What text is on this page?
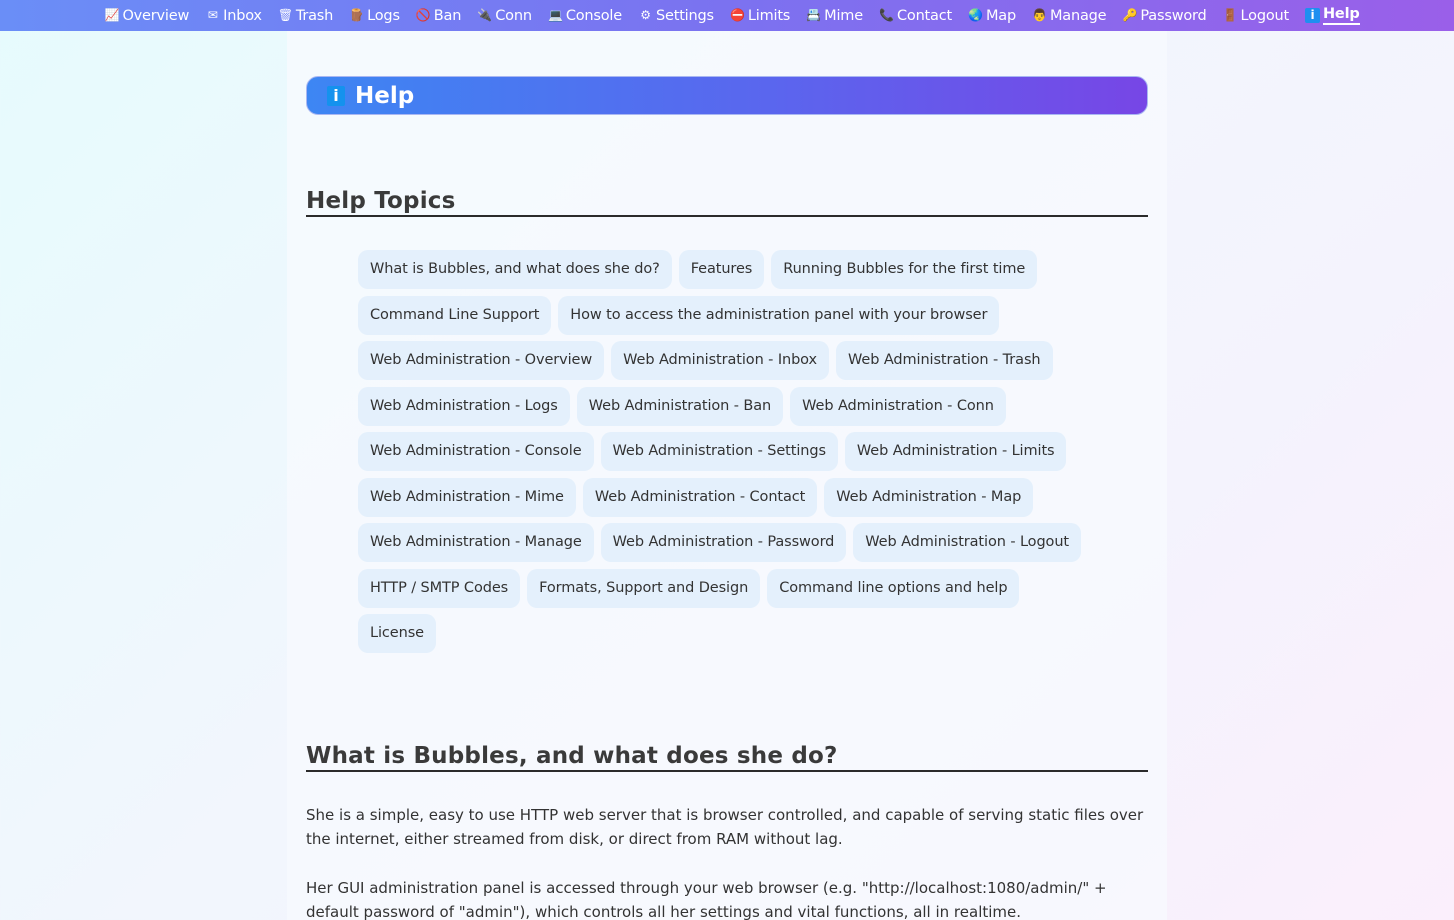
📈 Overview ✉ Inbox 🗑 Trash 🪵 Logs 🚫 Ban 🔌 Conn 💻 Console ⚙ Settings ⛔ Limits 📇 Mime 📞 Contact 🌏 Map 👨 Manage 🔑 Password 🚪 Logout	i Help
i Help
Help Topics
What is Bubbles, and what does she do?	Features	Running Bubbles for the first time
Command Line Support	How to access the administration panel with your browser
Web Administration - Overview	Web Administration - Inbox	Web Administration - Trash
Web Administration - Logs	Web Administration - Ban	Web Administration - Conn
Web Administration - Console	Web Administration - Settings	Web Administration - Limits
Web Administration - Mime	Web Administration - Contact	Web Administration - Map
Web Administration - Manage	Web Administration - Password	Web Administration - Logout
HTTP / SMTP Codes	Formats, Support and Design	Command line options and help
License
What is Bubbles, and what does she do?

She is a simple, easy to use HTTP web server that is browser controlled, and capable of serving static files over the internet, either streamed from disk, or direct from RAM without lag.

Her GUI administration panel is accessed through your web browser (e.g. "http://localhost:1080/admin/" + default password of "admin"), which controls all her settings and vital functions, all in realtime.
